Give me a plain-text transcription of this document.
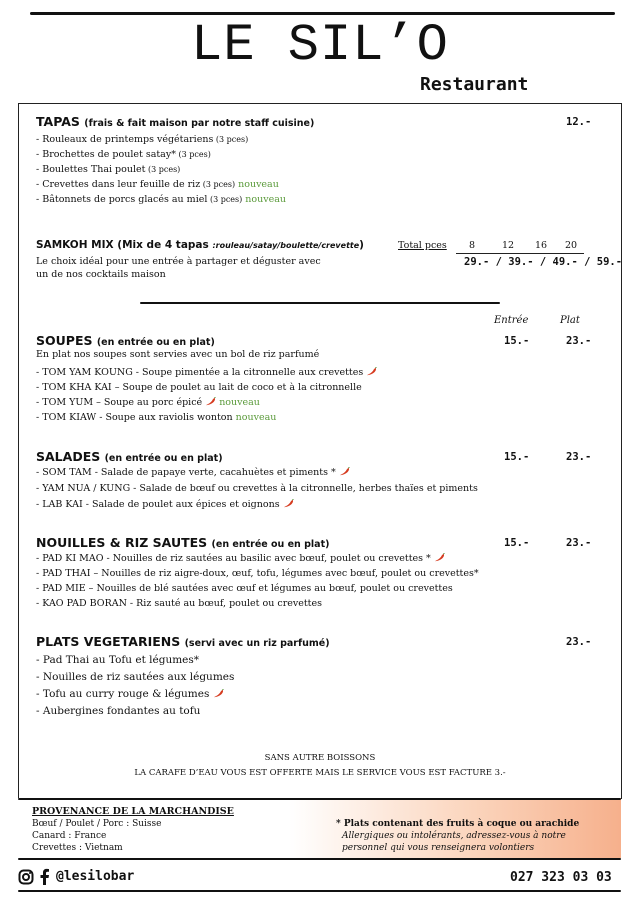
LE SIL’O
Restaurant
TAPAS (frais & fait maison par notre staff cuisine)	12.-
- Rouleaux de printemps végétariens (3 pces)
- Brochettes de poulet satay* (3 pces)
- Boulettes Thai poulet (3 pces)
- Crevettes dans leur feuille de riz (3 pces) nouveau
- Bâtonnets de porcs glacés au miel (3 pces) nouveau
SAMKOH MIX (Mix de 4 tapas :rouleau/satay/boulette/crevette)
Le choix idéal pour une entrée à partager et déguster avec
un de nos cocktails maison
Total pces 8	12 16 20
29.- / 39.- / 49.- / 59.-
Entrée	Plat
SOUPES (en entrée ou en plat)	15.-	23.-
En plat nos soupes sont servies avec un bol de riz parfumé
- TOM YAM KOUNG - Soupe pimentée a la citronnelle aux crevettes
- TOM KHA KAI – Soupe de poulet au lait de coco et à la citronnelle
- TOM YUM – Soupe au porc épicé  nouveau
- TOM KIAW - Soupe aux raviolis wonton nouveau
SALADES (en entrée ou en plat)	15.-	23.-
- SOM TAM - Salade de papaye verte, cacahuètes et piments *
- YAM NUA / KUNG - Salade de bœuf ou crevettes à la citronnelle, herbes thaïes et piments
- LAB KAI - Salade de poulet aux épices et oignons
NOUILLES & RIZ SAUTES (en entrée ou en plat)	15.-	23.-
- PAD KI MAO - Nouilles de riz sautées au basilic avec bœuf, poulet ou crevettes *
- PAD THAI – Nouilles de riz aigre-doux, œuf, tofu, légumes avec bœuf, poulet ou crevettes*
- PAD MIE – Nouilles de blé sautées avec œuf et légumes au bœuf, poulet ou crevettes
- KAO PAD BORAN - Riz sauté au bœuf, poulet ou crevettes
PLATS VEGETARIENS (servi avec un riz parfumé)	23.-
- Pad Thai au Tofu et légumes*
- Nouilles de riz sautées aux légumes
- Tofu au curry rouge & légumes
- Aubergines fondantes au tofu
SANS AUTRE BOISSONS
LA CARAFE D’EAU VOUS EST OFFERTE MAIS LE SERVICE VOUS EST FACTURE 3.-
PROVENANCE DE LA MARCHANDISE
Bœuf / Poulet / Porc : Suisse
Canard : France
Crevettes : Vietnam
* Plats contenant des fruits à coque ou arachide
Allergiques ou intolérants, adressez-vous à notre
personnel qui vous renseignera volontiers
@lesilobar	027 323 03 03
